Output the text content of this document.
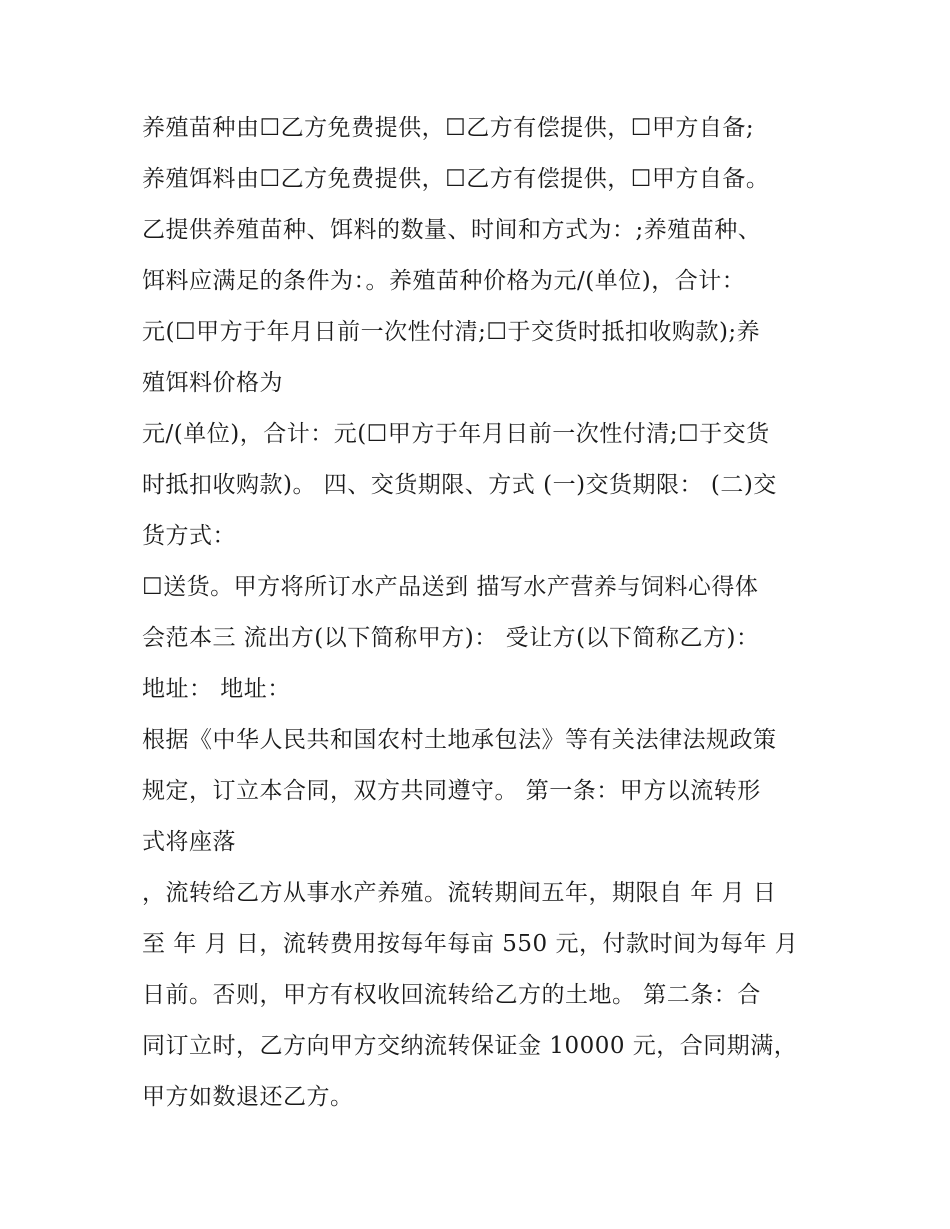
养殖苗种由☐乙方免费提供，☐乙方有偿提供，☐甲方自备;
养殖饵料由☐乙方免费提供，☐乙方有偿提供，☐甲方自备。
乙提供养殖苗种、饵料的数量、时间和方式为：;养殖苗种、
饵料应满足的条件为：。养殖苗种价格为元/(单位)，合计：
元(☐甲方于年月日前一次性付清;☐于交货时抵扣收购款);养
殖饵料价格为
元/(单位)，合计：元(☐甲方于年月日前一次性付清;☐于交货
时抵扣收购款)。 四、交货期限、方式 (一)交货期限： (二)交
货方式：
☐送货。甲方将所订水产品送到 描写水产营养与饲料心得体
会范本三 流出方(以下简称甲方)： 受让方(以下简称乙方)：
地址： 地址：
根据《中华人民共和国农村土地承包法》等有关法律法规政策
规定，订立本合同，双方共同遵守。 第一条：甲方以流转形
式将座落
，流转给乙方从事水产养殖。流转期间五年，期限自 年 月 日
至 年 月 日，流转费用按每年每亩 550 元，付款时间为每年 月
日前。否则，甲方有权收回流转给乙方的土地。 第二条：合
同订立时，乙方向甲方交纳流转保证金 10000 元，合同期满，
甲方如数退还乙方。
